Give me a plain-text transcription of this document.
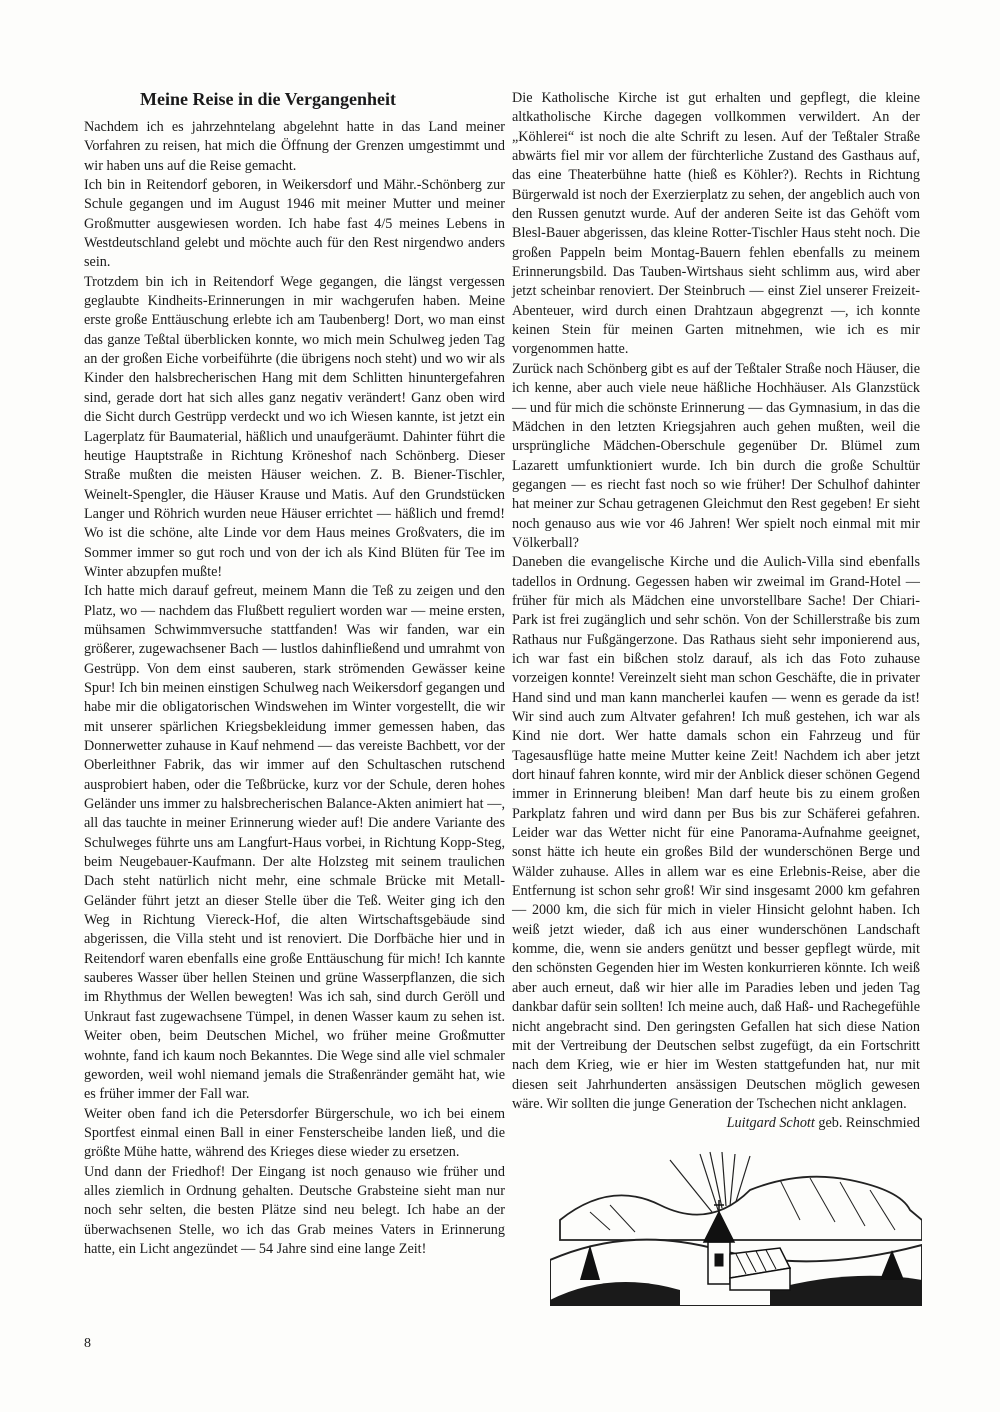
Meine Reise in die Vergangenheit

Nachdem ich es jahrzehntelang abgelehnt hatte in das Land meiner Vorfahren zu reisen, hat mich die Öffnung der Grenzen umgestimmt und wir haben uns auf die Reise gemacht.

Ich bin in Reitendorf geboren, in Weikersdorf und Mähr.-Schönberg zur Schule gegangen und im August 1946 mit meiner Mutter und meiner Großmutter ausgewiesen worden. Ich habe fast 4/5 meines Lebens in Westdeutschland gelebt und möchte auch für den Rest nirgendwo anders sein.

Trotzdem bin ich in Reitendorf Wege gegangen, die längst vergessen geglaubte Kindheits-Erinnerungen in mir wachgerufen haben. Meine erste große Enttäuschung erlebte ich am Taubenberg! Dort, wo man einst das ganze Teßtal überblicken konnte, wo mich mein Schulweg jeden Tag an der großen Eiche vorbeiführte (die übrigens noch steht) und wo wir als Kinder den halsbrecherischen Hang mit dem Schlitten hinuntergefahren sind, gerade dort hat sich alles ganz negativ verändert! Ganz oben wird die Sicht durch Gestrüpp verdeckt und wo ich Wiesen kannte, ist jetzt ein Lagerplatz für Baumaterial, häßlich und unaufgeräumt. Dahinter führt die heutige Hauptstraße in Richtung Kröneshof nach Schönberg. Dieser Straße mußten die meisten Häuser weichen. Z. B. Biener-Tischler, Weinelt-Spengler, die Häuser Krause und Matis. Auf den Grundstücken Langer und Röhrich wurden neue Häuser errichtet — häßlich und fremd! Wo ist die schöne, alte Linde vor dem Haus meines Großvaters, die im Sommer immer so gut roch und von der ich als Kind Blüten für Tee im Winter abzupfen mußte!

Ich hatte mich darauf gefreut, meinem Mann die Teß zu zeigen und den Platz, wo — nachdem das Flußbett reguliert worden war — meine ersten, mühsamen Schwimmversuche stattfanden! Was wir fanden, war ein größerer, zugewachsener Bach — lustlos dahinfließend und umrahmt von Gestrüpp. Von dem einst sauberen, stark strömenden Gewässer keine Spur! Ich bin meinen einstigen Schulweg nach Weikersdorf gegangen und habe mir die obligatorischen Windswehen im Winter vorgestellt, die wir mit unserer spärlichen Kriegsbekleidung immer gemessen haben, das Donnerwetter zuhause in Kauf nehmend — das vereiste Bachbett, vor der Oberleithner Fabrik, das wir immer auf den Schultaschen rutschend ausprobiert haben, oder die Teßbrücke, kurz vor der Schule, deren hohes Geländer uns immer zu halsbrecherischen Balance-Akten animiert hat —, all das tauchte in meiner Erinnerung wieder auf! Die andere Variante des Schulweges führte uns am Langfurt-Haus vorbei, in Richtung Kopp-Steg, beim Neugebauer-Kaufmann. Der alte Holzsteg mit seinem traulichen Dach steht natürlich nicht mehr, eine schmale Brücke mit Metall-Geländer führt jetzt an dieser Stelle über die Teß. Weiter ging ich den Weg in Richtung Viereck-Hof, die alten Wirtschaftsgebäude sind abgerissen, die Villa steht und ist renoviert. Die Dorfbäche hier und in Reitendorf waren ebenfalls eine große Enttäuschung für mich! Ich kannte sauberes Wasser über hellen Steinen und grüne Wasserpflanzen, die sich im Rhythmus der Wellen bewegten! Was ich sah, sind durch Geröll und Unkraut fast zugewachsene Tümpel, in denen Wasser kaum zu sehen ist. Weiter oben, beim Deutschen Michel, wo früher meine Großmutter wohnte, fand ich kaum noch Bekanntes. Die Wege sind alle viel schmaler geworden, weil wohl niemand jemals die Straßenränder gemäht hat, wie es früher immer der Fall war.

Weiter oben fand ich die Petersdorfer Bürgerschule, wo ich bei einem Sportfest einmal einen Ball in einer Fensterscheibe landen ließ, und die größte Mühe hatte, während des Krieges diese wieder zu ersetzen.

Und dann der Friedhof! Der Eingang ist noch genauso wie früher und alles ziemlich in Ordnung gehalten. Deutsche Grabsteine sieht man nur noch sehr selten, die besten Plätze sind neu belegt. Ich habe an der überwachsenen Stelle, wo ich das Grab meines Vaters in Erinnerung hatte, ein Licht angezündet — 54 Jahre sind eine lange Zeit!

Die Katholische Kirche ist gut erhalten und gepflegt, die kleine altkatholische Kirche dagegen vollkommen verwildert. An der „Köhlerei“ ist noch die alte Schrift zu lesen. Auf der Teßtaler Straße abwärts fiel mir vor allem der fürchterliche Zustand des Gasthaus auf, das eine Theaterbühne hatte (hieß es Köhler?). Rechts in Richtung Bürgerwald ist noch der Exerzierplatz zu sehen, der angeblich auch von den Russen genutzt wurde. Auf der anderen Seite ist das Gehöft vom Blesl-Bauer abgerissen, das kleine Rotter-Tischler Haus steht noch. Die großen Pappeln beim Montag-Bauern fehlen ebenfalls zu meinem Erinnerungsbild. Das Tauben-Wirtshaus sieht schlimm aus, wird aber jetzt scheinbar renoviert. Der Steinbruch — einst Ziel unserer Freizeit-Abenteuer, wird durch einen Drahtzaun abgegrenzt —, ich konnte keinen Stein für meinen Garten mitnehmen, wie ich es mir vorgenommen hatte.

Zurück nach Schönberg gibt es auf der Teßtaler Straße noch Häuser, die ich kenne, aber auch viele neue häßliche Hochhäuser. Als Glanzstück — und für mich die schönste Erinnerung — das Gymnasium, in das die Mädchen in den letzten Kriegsjahren auch gehen mußten, weil die ursprüngliche Mädchen-Oberschule gegenüber Dr. Blümel zum Lazarett umfunktioniert wurde. Ich bin durch die große Schultür gegangen — es riecht fast noch so wie früher! Der Schulhof dahinter hat meiner zur Schau getragenen Gleichmut den Rest gegeben! Er sieht noch genauso aus wie vor 46 Jahren! Wer spielt noch einmal mit mir Völkerball?

Daneben die evangelische Kirche und die Aulich-Villa sind ebenfalls tadellos in Ordnung. Gegessen haben wir zweimal im Grand-Hotel — früher für mich als Mädchen eine unvorstellbare Sache! Der Chiari-Park ist frei zugänglich und sehr schön. Von der Schillerstraße bis zum Rathaus nur Fußgängerzone. Das Rathaus sieht sehr imponierend aus, ich war fast ein bißchen stolz darauf, als ich das Foto zuhause vorzeigen konnte! Vereinzelt sieht man schon Geschäfte, die in privater Hand sind und man kann mancherlei kaufen — wenn es gerade da ist! Wir sind auch zum Altvater gefahren! Ich muß gestehen, ich war als Kind nie dort. Wer hatte damals schon ein Fahrzeug und für Tagesausflüge hatte meine Mutter keine Zeit! Nachdem ich aber jetzt dort hinauf fahren konnte, wird mir der Anblick dieser schönen Gegend immer in Erinnerung bleiben! Man darf heute bis zu einem großen Parkplatz fahren und wird dann per Bus bis zur Schäferei gefahren. Leider war das Wetter nicht für eine Panorama-Aufnahme geeignet, sonst hätte ich heute ein großes Bild der wunderschönen Berge und Wälder zuhause. Alles in allem war es eine Erlebnis-Reise, aber die Entfernung ist schon sehr groß! Wir sind insgesamt 2000 km gefahren — 2000 km, die sich für mich in vieler Hinsicht gelohnt haben. Ich weiß jetzt wieder, daß ich aus einer wunderschönen Landschaft komme, die, wenn sie anders genützt und besser gepflegt würde, mit den schönsten Gegenden hier im Westen konkurrieren könnte. Ich weiß aber auch erneut, daß wir hier alle im Paradies leben und jeden Tag dankbar dafür sein sollten! Ich meine auch, daß Haß- und Rachegefühle nicht angebracht sind. Den geringsten Gefallen hat sich diese Nation mit der Vertreibung der Deutschen selbst zugefügt, da ein Fortschritt nach dem Krieg, wie er hier im Westen stattgefunden hat, nur mit diesen seit Jahrhunderten ansässigen Deutschen möglich gewesen wäre. Wir sollten die junge Generation der Tschechen nicht anklagen.

Luitgard Schott geb. Reinschmied

8
